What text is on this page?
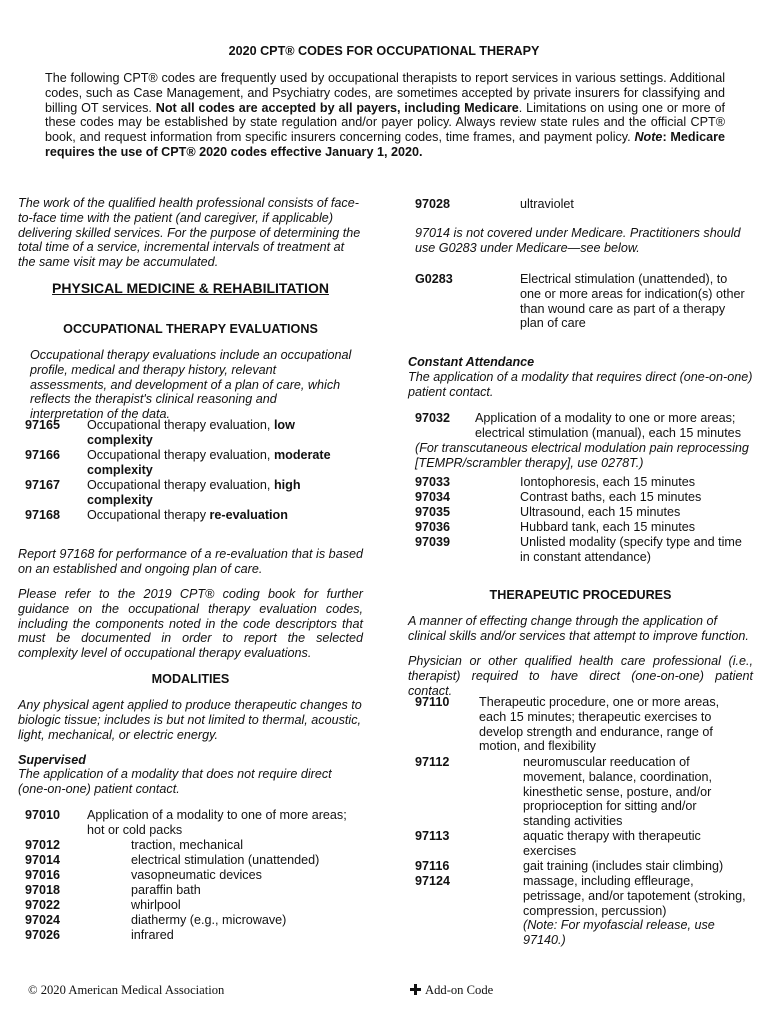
2020 CPT® CODES FOR OCCUPATIONAL THERAPY
The following CPT® codes are frequently used by occupational therapists to report services in various settings. Additional codes, such as Case Management, and Psychiatry codes, are sometimes accepted by private insurers for classifying and billing OT services. Not all codes are accepted by all payers, including Medicare. Limitations on using one or more of these codes may be established by state regulation and/or payer policy. Always review state rules and the official CPT® book, and request information from specific insurers concerning codes, time frames, and payment policy. Note: Medicare requires the use of CPT® 2020 codes effective January 1, 2020.
The work of the qualified health professional consists of face-to-face time with the patient (and caregiver, if applicable) delivering skilled services. For the purpose of determining the total time of a service, incremental intervals of treatment at the same visit may be accumulated.
PHYSICAL MEDICINE & REHABILITATION
OCCUPATIONAL THERAPY EVALUATIONS
Occupational therapy evaluations include an occupational profile, medical and therapy history, relevant assessments, and development of a plan of care, which reflects the therapist's clinical reasoning and interpretation of the data.
97165 Occupational therapy evaluation, low complexity
97166 Occupational therapy evaluation, moderate complexity
97167 Occupational therapy evaluation, high complexity
97168 Occupational therapy re-evaluation
Report 97168 for performance of a re-evaluation that is based on an established and ongoing plan of care.
Please refer to the 2019 CPT® coding book for further guidance on the occupational therapy evaluation codes, including the components noted in the code descriptors that must be documented in order to report the selected complexity level of occupational therapy evaluations.
MODALITIES
Any physical agent applied to produce therapeutic changes to biologic tissue; includes is but not limited to thermal, acoustic, light, mechanical, or electric energy.
Supervised
The application of a modality that does not require direct (one-on-one) patient contact.
97010 Application of a modality to one of more areas; hot or cold packs
97012	traction, mechanical
97014	electrical stimulation (unattended)
97016	vasopneumatic devices
97018	paraffin bath
97022	whirlpool
97024	diathermy (e.g., microwave)
97026	infrared
97028	ultraviolet
97014 is not covered under Medicare. Practitioners should use G0283 under Medicare—see below.
G0283	Electrical stimulation (unattended), to one or more areas for indication(s) other than wound care as part of a therapy plan of care
Constant Attendance
The application of a modality that requires direct (one-on-one) patient contact.
97032 Application of a modality to one or more areas; electrical stimulation (manual), each 15 minutes
(For transcutaneous electrical modulation pain reprocessing [TEMPR/scrambler therapy], use 0278T.)
97033	Iontophoresis, each 15 minutes
97034	Contrast baths, each 15 minutes
97035	Ultrasound, each 15 minutes
97036	Hubbard tank, each 15 minutes
97039	Unlisted modality (specify type and time in constant attendance)
THERAPEUTIC PROCEDURES
A manner of effecting change through the application of clinical skills and/or services that attempt to improve function.
Physician or other qualified health care professional (i.e., therapist) required to have direct (one-on-one) patient contact.
97110 Therapeutic procedure, one or more areas, each 15 minutes; therapeutic exercises to develop strength and endurance, range of motion, and flexibility
97112	neuromuscular reeducation of movement, balance, coordination, kinesthetic sense, posture, and/or proprioception for sitting and/or standing activities
97113	aquatic therapy with therapeutic exercises
97116	gait training (includes stair climbing)
97124	massage, including effleurage, petrissage, and/or tapotement (stroking, compression, percussion)
(Note: For myofascial release, use 97140.)
© 2020 American Medical Association	Add-on Code
